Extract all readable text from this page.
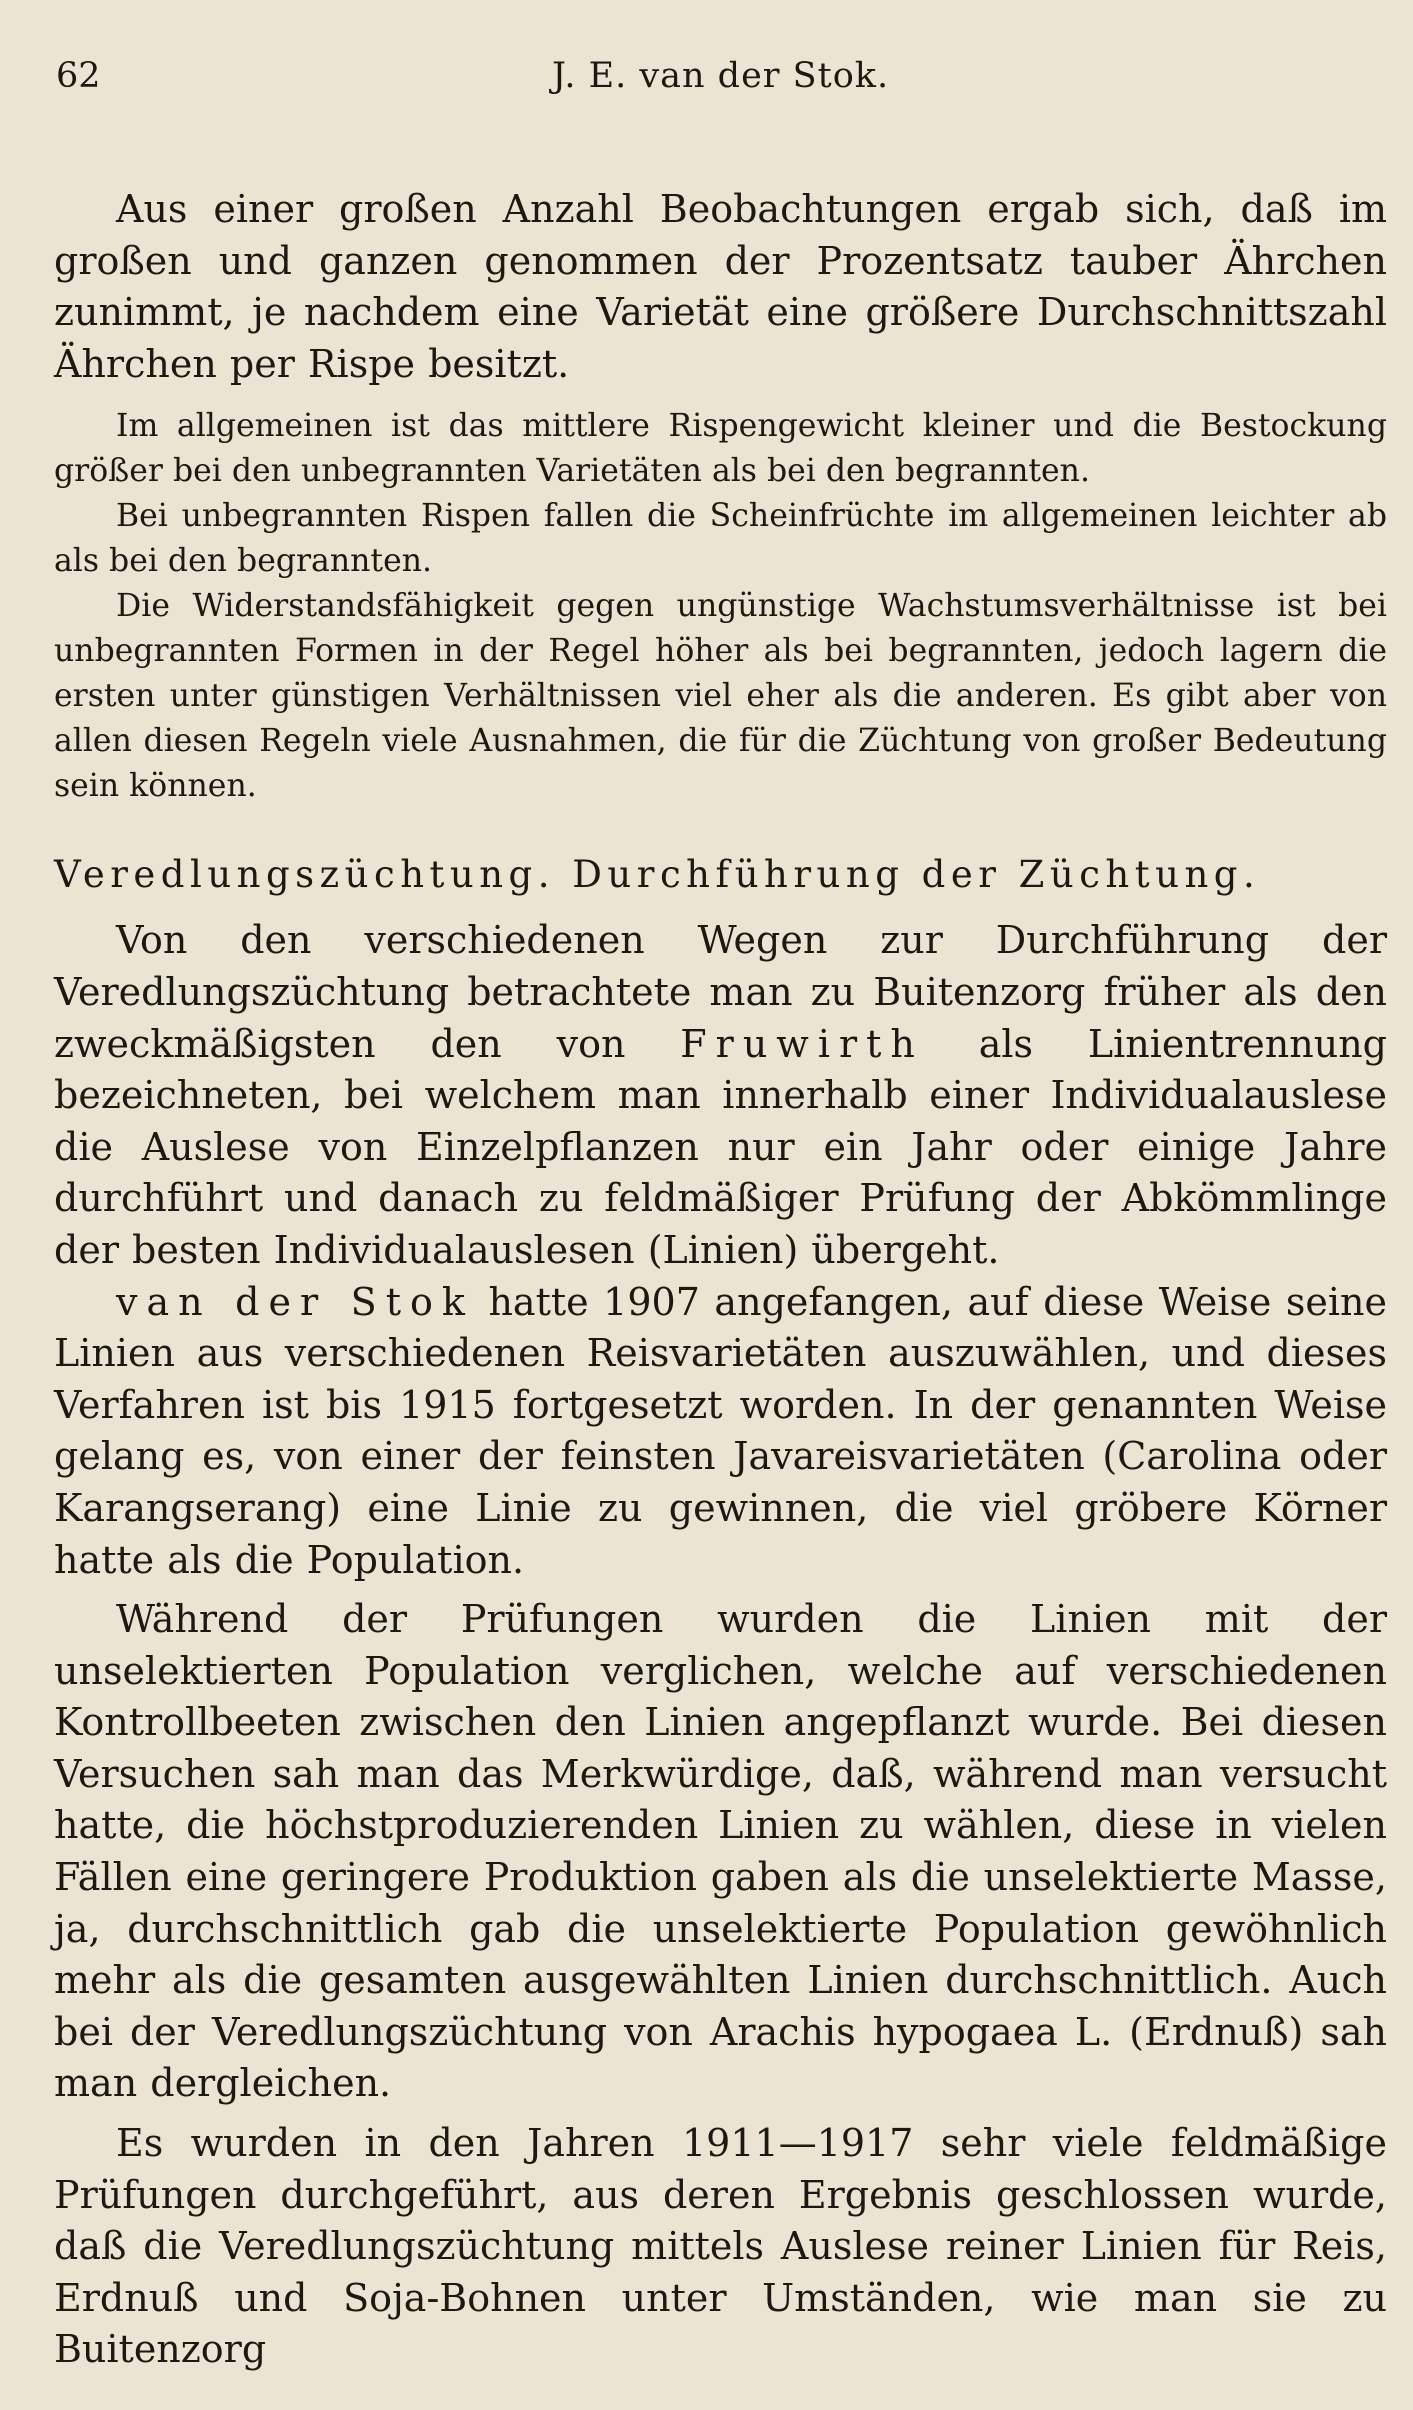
62	J. E. van der Stok.

Aus einer großen Anzahl Beobachtungen ergab sich, daß im großen und ganzen genommen der Prozentsatz tauber Ährchen zunimmt, je nachdem eine Varietät eine größere Durchschnittszahl Ährchen per Rispe besitzt.

Im allgemeinen ist das mittlere Rispengewicht kleiner und die Bestockung größer bei den unbegrannten Varietäten als bei den begrannten.

Bei unbegrannten Rispen fallen die Scheinfrüchte im allgemeinen leichter ab als bei den begrannten.

Die Widerstandsfähigkeit gegen ungünstige Wachstumsverhältnisse ist bei unbegrannten Formen in der Regel höher als bei begrannten, jedoch lagern die ersten unter günstigen Verhältnissen viel eher als die anderen. Es gibt aber von allen diesen Regeln viele Ausnahmen, die für die Züchtung von großer Bedeutung sein können.

Veredlungszüchtung. Durchführung der Züchtung.

Von den verschiedenen Wegen zur Durchführung der Veredlungszüchtung betrachtete man zu Buitenzorg früher als den zweckmäßigsten den von Fruwirth als Linientrennung bezeichneten, bei welchem man innerhalb einer Individualauslese die Auslese von Einzelpflanzen nur ein Jahr oder einige Jahre durchführt und danach zu feldmäßiger Prüfung der Abkömmlinge der besten Individualauslesen (Linien) übergeht.

van der Stok hatte 1907 angefangen, auf diese Weise seine Linien aus verschiedenen Reisvarietäten auszuwählen, und dieses Verfahren ist bis 1915 fortgesetzt worden. In der genannten Weise gelang es, von einer der feinsten Javareisvarietäten (Carolina oder Karangserang) eine Linie zu gewinnen, die viel gröbere Körner hatte als die Population.

Während der Prüfungen wurden die Linien mit der unselektierten Population verglichen, welche auf verschiedenen Kontrollbeeten zwischen den Linien angepflanzt wurde. Bei diesen Versuchen sah man das Merkwürdige, daß, während man versucht hatte, die höchstproduzierenden Linien zu wählen, diese in vielen Fällen eine geringere Produktion gaben als die unselektierte Masse, ja, durchschnittlich gab die unselektierte Population gewöhnlich mehr als die gesamten ausgewählten Linien durchschnittlich. Auch bei der Veredlungszüchtung von Arachis hypogaea L. (Erdnuß) sah man dergleichen.

Es wurden in den Jahren 1911—1917 sehr viele feldmäßige Prüfungen durchgeführt, aus deren Ergebnis geschlossen wurde, daß die Veredlungszüchtung mittels Auslese reiner Linien für Reis, Erdnuß und Soja-Bohnen unter Umständen, wie man sie zu Buitenzorg
